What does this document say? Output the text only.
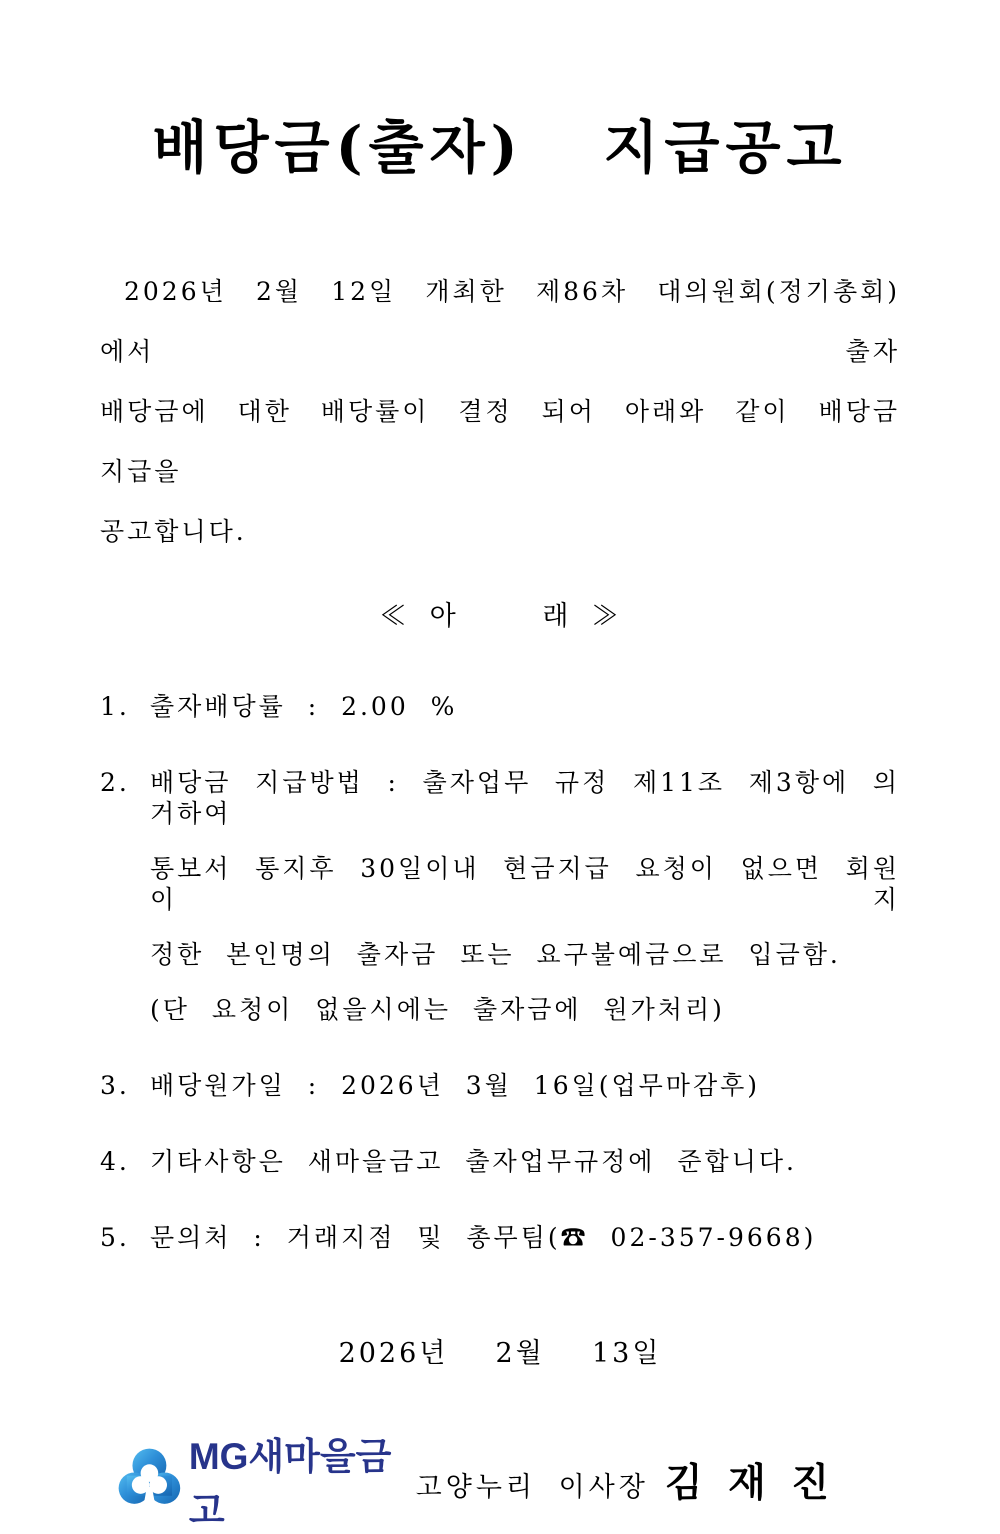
배당금(출자)  지급공고

2026년 2월 12일 개최한 제86차 대의원회(정기총회)에서 출자
배당금에 대한 배당률이 결정 되어 아래와 같이 배당금 지급을
공고합니다.

≪  아        래  ≫
1. 출자배당률 : 2.00 %
2. 배당금 지급방법 : 출자업무 규정 제11조 제3항에 의거하여
통보서 통지후 30일이내 현금지급 요청이 없으면 회원이 지
정한 본인명의 출자금 또는 요구불예금으로 입금함.
(단 요청이 없을시에는 출자금에 원가처리)
3. 배당원가일 : 2026년 3월 16일(업무마감후)
4. 기타사항은 새마을금고 출자업무규정에 준합니다.
5. 문의처 : 거래지점 및 총무팀(☎ 02-357-9668)
2026년  2월  13일
MG새마을금고
고양누리 이사장 김 재 진
